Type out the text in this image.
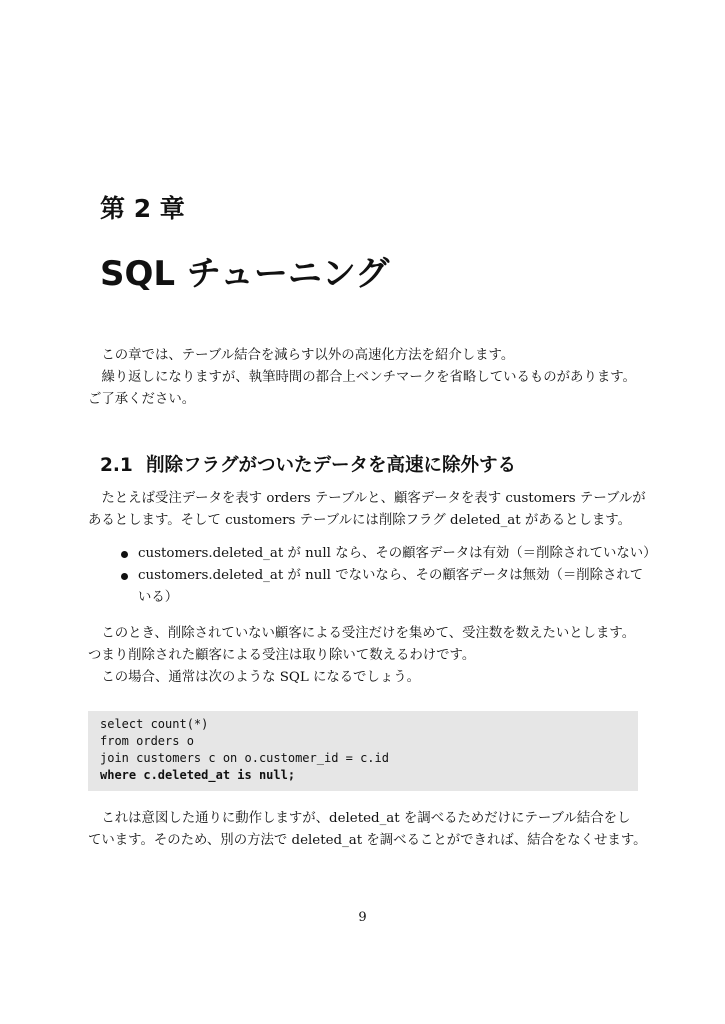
第 2 章
SQL チューニング

この章では、テーブル結合を減らす以外の高速化方法を紹介します。

繰り返しになりますが、執筆時間の都合上ベンチマークを省略しているものがあります。

ご了承ください。

2.1 削除フラグがついたデータを高速に除外する

たとえば受注データを表す orders テーブルと、顧客データを表す customers テーブルが

あるとします。そして customers テーブルには削除フラグ deleted_at があるとします。

customers.deleted_at が null なら、その顧客データは有効（＝削除されていない）
customers.deleted_at が null でないなら、その顧客データは無効（＝削除されて
いる）

このとき、削除されていない顧客による受注だけを集めて、受注数を数えたいとします。

つまり削除された顧客による受注は取り除いて数えるわけです。

この場合、通常は次のような SQL になるでしょう。

select count(*)
from orders o
join customers c on o.customer_id = c.id
where c.deleted_at is null;

これは意図した通りに動作しますが、deleted_at を調べるためだけにテーブル結合をし

ています。そのため、別の方法で deleted_at を調べることができれば、結合をなくせます。

9
